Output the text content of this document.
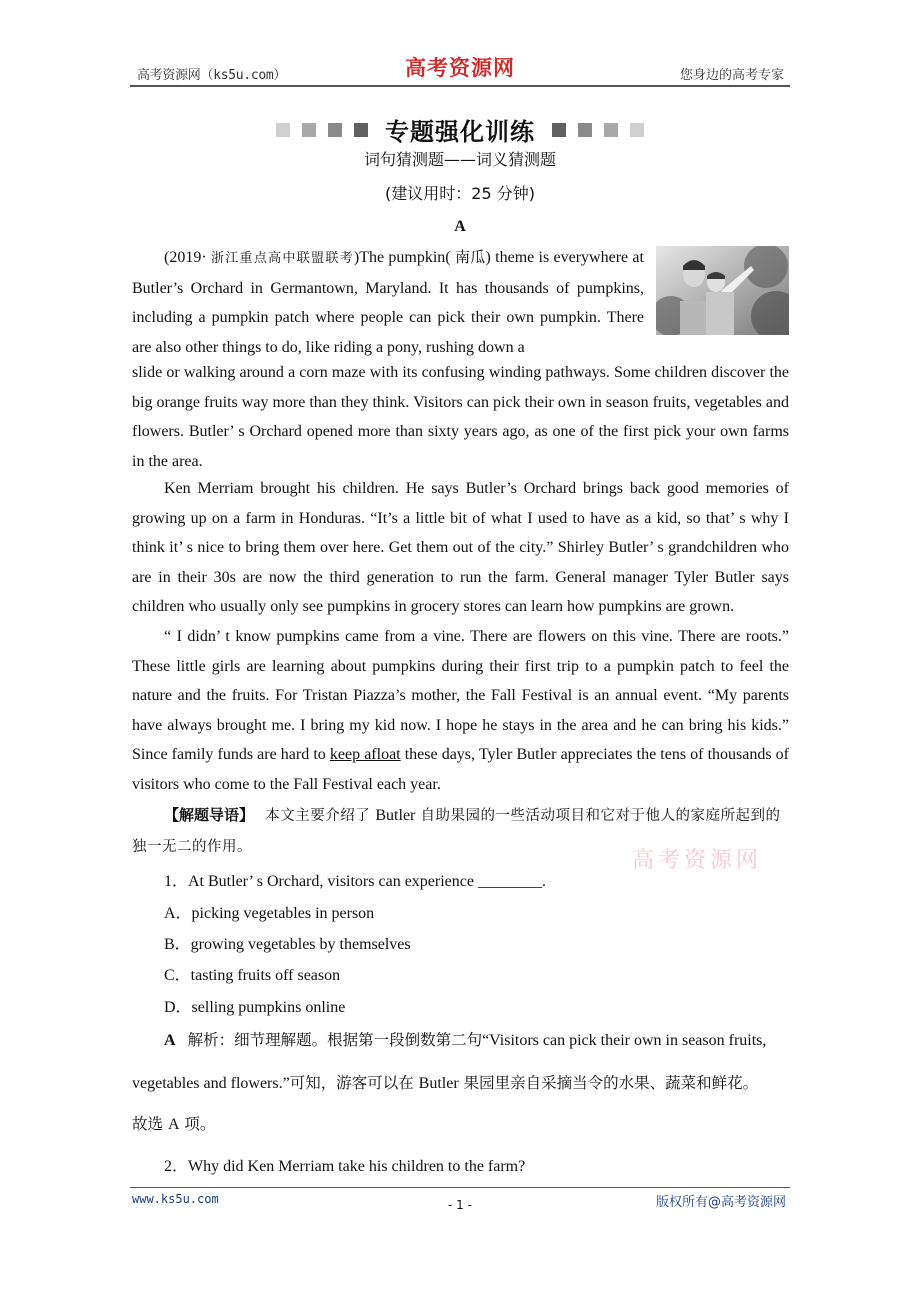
高考资源网（ks5u.com）	高考资源网	您身边的高考专家
专题强化训练
词句猜测题——词义猜测题
(建议用时：25 分钟)
A
(2019· 浙江重点高中联盟联考)The pumpkin( 南瓜) theme is everywhere at Butler’s Orchard in Germantown, Maryland. It has thousands of pumpkins, including a pumpkin patch where people can pick their own pumpkin. There are also other things to do, like riding a pony, rushing down a
slide or walking around a corn maze with its confusing winding pathways. Some children discover the big orange fruits way more than they think. Visitors can pick their own in season fruits, vegetables and flowers. Butler’ s Orchard opened more than sixty years ago, as one of the first pick your own farms in the area.
Ken Merriam brought his children. He says Butler’s Orchard brings back good memories of growing up on a farm in Honduras. “It’s a little bit of what I used to have as a kid, so that’ s why I think it’ s nice to bring them over here. Get them out of the city.” Shirley Butler’ s grandchildren who are in their 30s are now the third generation to run the farm. General manager Tyler Butler says children who usually only see pumpkins in grocery stores can learn how pumpkins are grown.
“ I didn’ t know pumpkins came from a vine. There are flowers on this vine. There are roots.” These little girls are learning about pumpkins during their first trip to a pumpkin patch to feel the nature and the fruits. For Tristan Piazza’s mother, the Fall Festival is an annual event. “My parents have always brought me. I bring my kid now. I hope he stays in the area and he can bring his kids.” Since family funds are hard to keep afloat these days, Tyler Butler appreciates the tens of thousands of visitors who come to the Fall Festival each year.
【解题导语】 本文主要介绍了 Butler 自助果园的一些活动项目和它对于他人的家庭所起到的独一无二的作用。
高考资源网
1．At Butler’ s Orchard, visitors can experience ________.
A．picking vegetables in person
B．growing vegetables by themselves
C．tasting fruits off season
D．selling pumpkins online
A 解析：细节理解题。根据第一段倒数第二句“Visitors can pick their own in season fruits, vegetables and flowers.”可知，游客可以在 Butler 果园里亲自采摘当令的水果、蔬菜和鲜花。
故选 A 项。
2．Why did Ken Merriam take his children to the farm?
www.ks5u.com	- 1 -	版权所有@高考资源网
